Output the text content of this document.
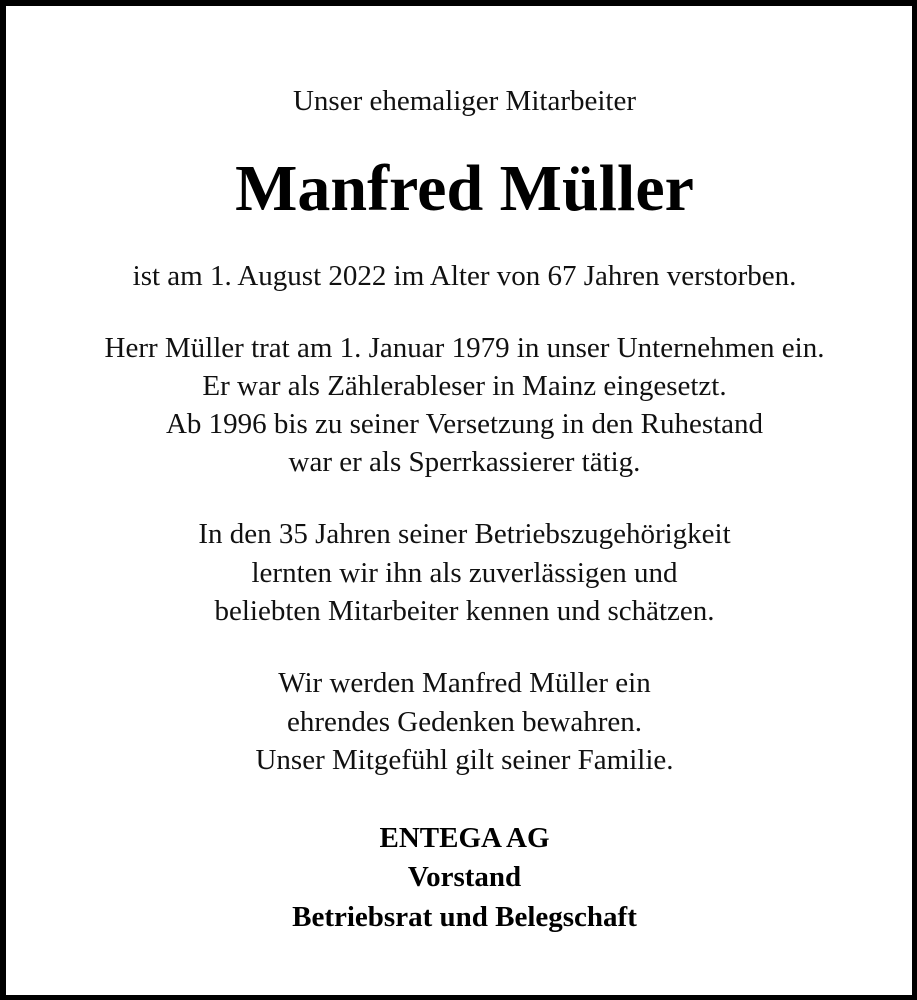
Unser ehemaliger Mitarbeiter
Manfred Müller
ist am 1. August 2022 im Alter von 67 Jahren verstorben.
Herr Müller trat am 1. Januar 1979 in unser Unternehmen ein.
Er war als Zählerableser in Mainz eingesetzt.
Ab 1996 bis zu seiner Versetzung in den Ruhestand
war er als Sperrkassierer tätig.
In den 35 Jahren seiner Betriebszugehörigkeit
lernten wir ihn als zuverlässigen und
beliebten Mitarbeiter kennen und schätzen.
Wir werden Manfred Müller ein
ehrendes Gedenken bewahren.
Unser Mitgefühl gilt seiner Familie.
ENTEGA AG
Vorstand
Betriebsrat und Belegschaft
